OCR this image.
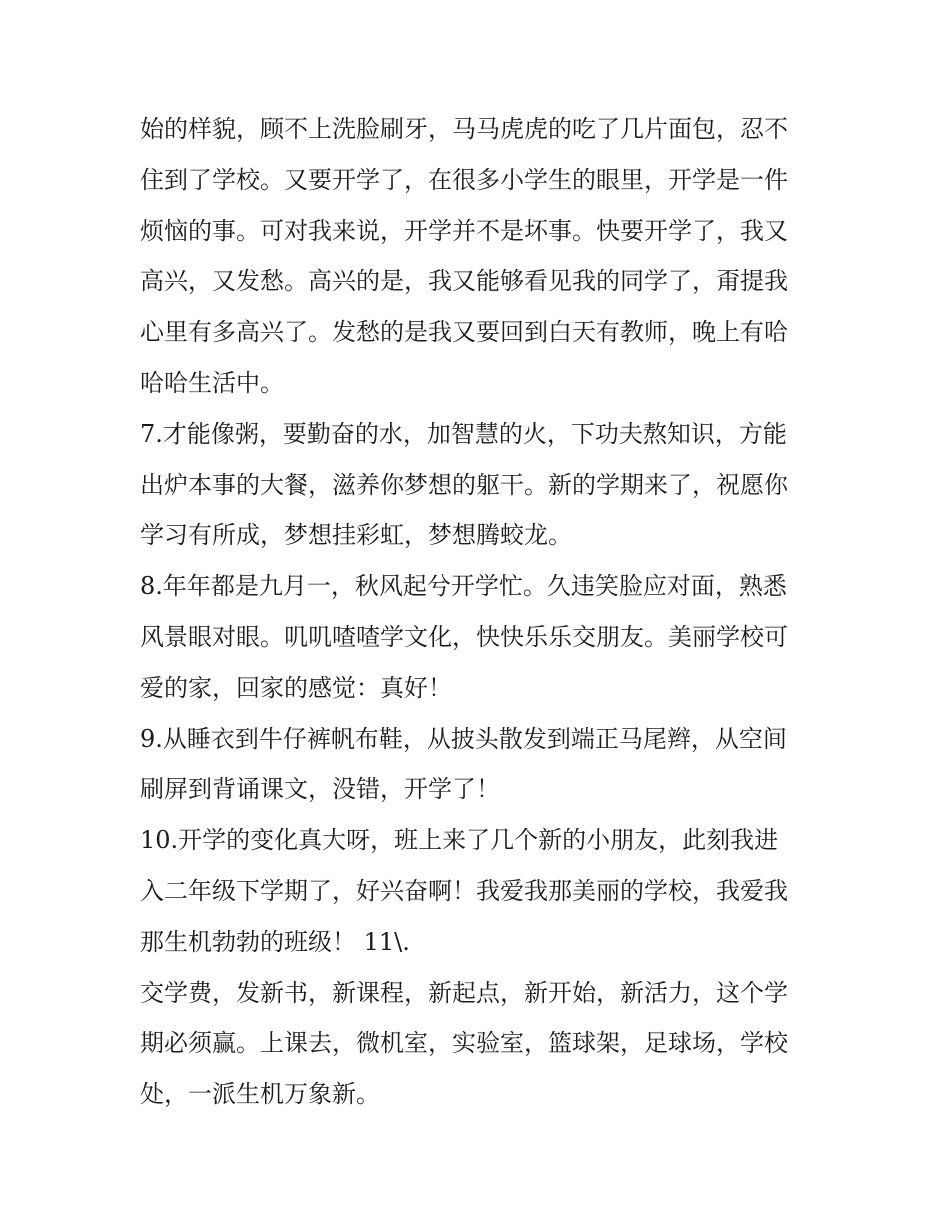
始的样貌，顾不上洗脸刷牙，马马虎虎的吃了几片面包，忍不
住到了学校。又要开学了，在很多小学生的眼里，开学是一件
烦恼的事。可对我来说，开学并不是坏事。快要开学了，我又
高兴，又发愁。高兴的是，我又能够看见我的同学了，甭提我
心里有多高兴了。发愁的是我又要回到白天有教师，晚上有哈
哈哈生活中。
7.才能像粥，要勤奋的水，加智慧的火，下功夫熬知识，方能
出炉本事的大餐，滋养你梦想的躯干。新的学期来了，祝愿你
学习有所成，梦想挂彩虹，梦想腾蛟龙。
8.年年都是九月一，秋风起兮开学忙。久违笑脸应对面，熟悉
风景眼对眼。叽叽喳喳学文化，快快乐乐交朋友。美丽学校可
爱的家，回家的感觉：真好！
9.从睡衣到牛仔裤帆布鞋，从披头散发到端正马尾辫，从空间
刷屏到背诵课文，没错，开学了！
10.开学的变化真大呀，班上来了几个新的小朋友，此刻我进
入二年级下学期了，好兴奋啊！我爱我那美丽的学校，我爱我
那生机勃勃的班级！ 11\.
交学费，发新书，新课程，新起点，新开始，新活力，这个学
期必须赢。上课去，微机室，实验室，篮球架，足球场，学校
处，一派生机万象新。
